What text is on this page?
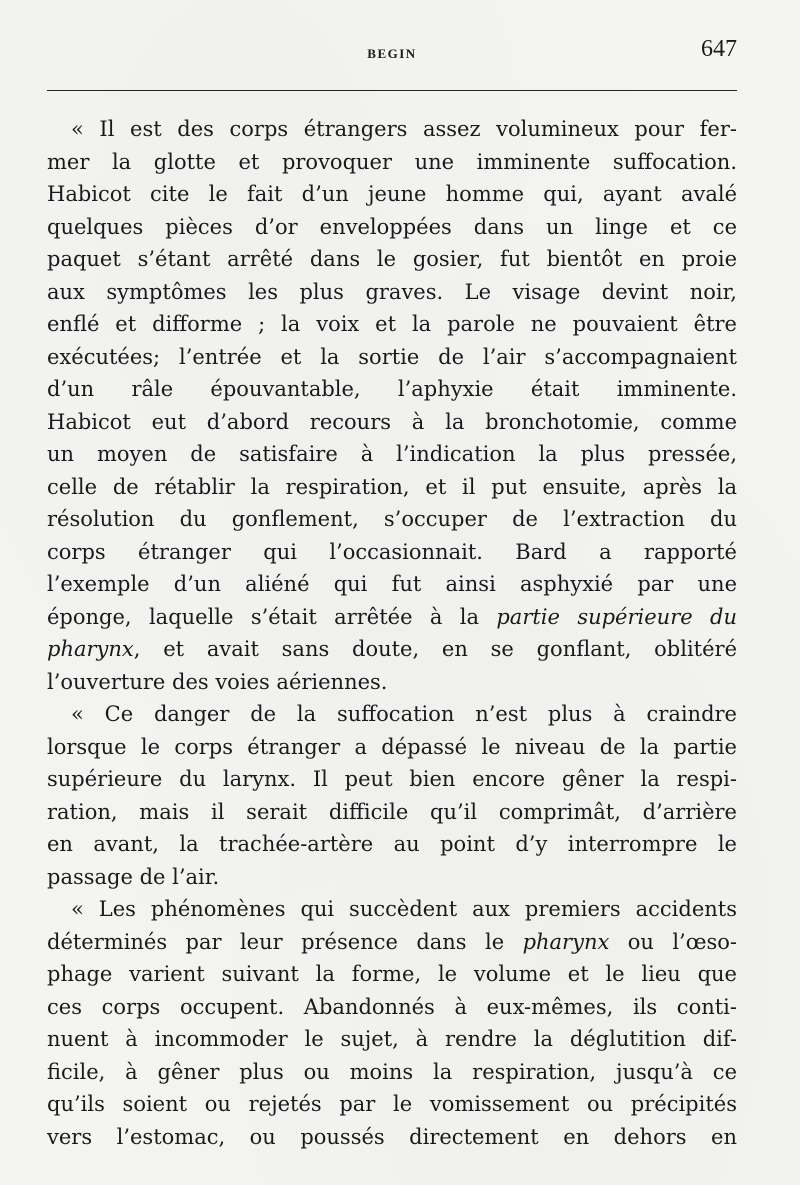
BEGIN	647
« Il est des corps étrangers assez volumineux pour fer-
mer la glotte et provoquer une imminente suffocation.
Habicot cite le fait d’un jeune homme qui, ayant avalé
quelques pièces d’or enveloppées dans un linge et ce
paquet s’étant arrêté dans le gosier, fut bientôt en proie
aux symptômes les plus graves. Le visage devint noir,
enflé et difforme ; la voix et la parole ne pouvaient être
exécutées; l’entrée et la sortie de l’air s’accompagnaient
d’un râle épouvantable, l’aphyxie était imminente.
Habicot eut d’abord recours à la bronchotomie, comme
un moyen de satisfaire à l’indication la plus pressée,
celle de rétablir la respiration, et il put ensuite, après la
résolution du gonflement, s’occuper de l’extraction du
corps étranger qui l’occasionnait. Bard a rapporté
l’exemple d’un aliéné qui fut ainsi asphyxié par une
éponge, laquelle s’était arrêtée à la partie supérieure du
pharynx, et avait sans doute, en se gonflant, oblitéré
l’ouverture des voies aériennes.
« Ce danger de la suffocation n’est plus à craindre
lorsque le corps étranger a dépassé le niveau de la partie
supérieure du larynx. Il peut bien encore gêner la respi-
ration, mais il serait difficile qu’il comprimât, d’arrière
en avant, la trachée-artère au point d’y interrompre le
passage de l’air.
« Les phénomènes qui succèdent aux premiers accidents
déterminés par leur présence dans le pharynx ou l’œso-
phage varient suivant la forme, le volume et le lieu que
ces corps occupent. Abandonnés à eux-mêmes, ils conti-
nuent à incommoder le sujet, à rendre la déglutition dif-
ficile, à gêner plus ou moins la respiration, jusqu’à ce
qu’ils soient ou rejetés par le vomissement ou précipités
vers l’estomac, ou poussés directement en dehors en
